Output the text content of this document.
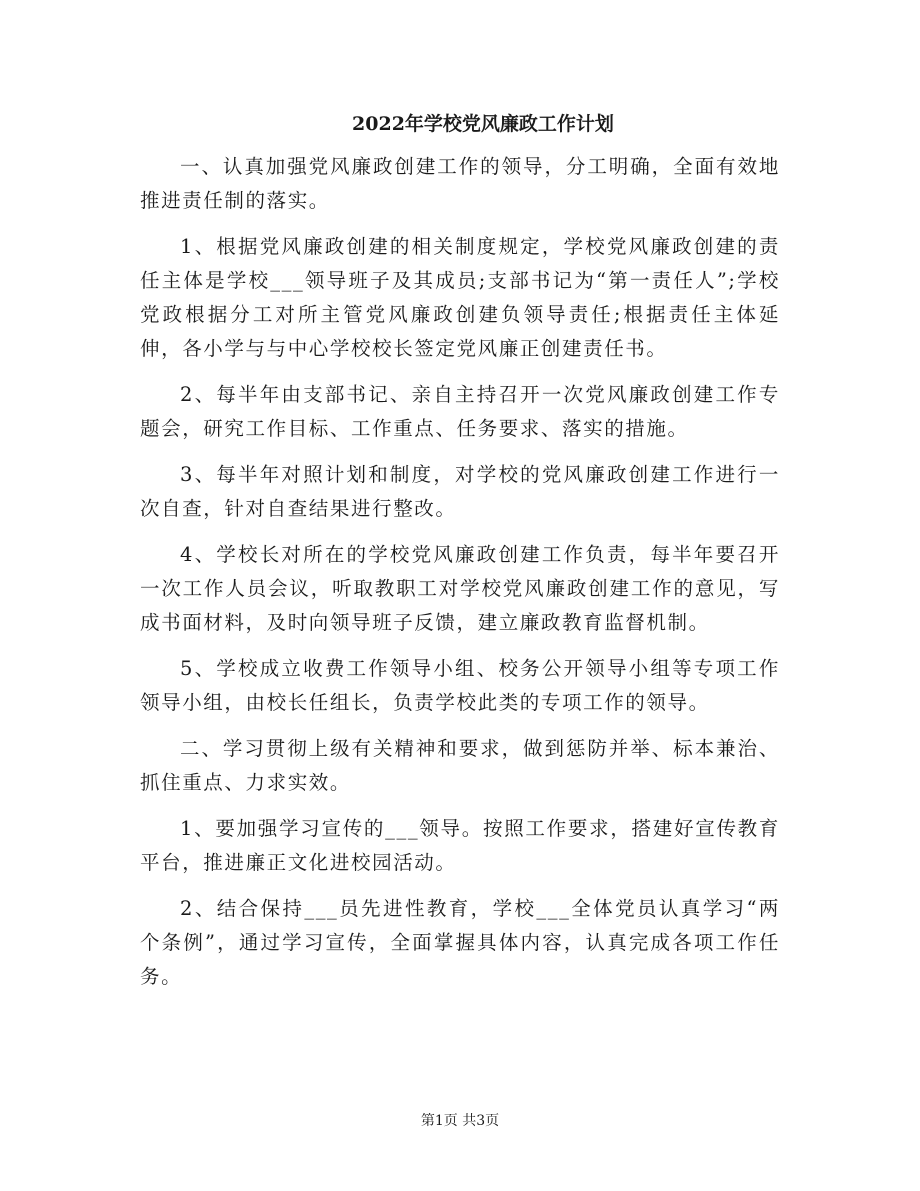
2022年学校党风廉政工作计划

一、认真加强党风廉政创建工作的领导，分工明确，全面有效地推进责任制的落实。

1、根据党风廉政创建的相关制度规定，学校党风廉政创建的责任主体是学校___领导班子及其成员;支部书记为“第一责任人”;学校党政根据分工对所主管党风廉政创建负领导责任;根据责任主体延伸，各小学与与中心学校校长签定党风廉正创建责任书。

2、每半年由支部书记、亲自主持召开一次党风廉政创建工作专题会，研究工作目标、工作重点、任务要求、落实的措施。

3、每半年对照计划和制度，对学校的党风廉政创建工作进行一次自查，针对自查结果进行整改。

4、学校长对所在的学校党风廉政创建工作负责，每半年要召开一次工作人员会议，听取教职工对学校党风廉政创建工作的意见，写成书面材料，及时向领导班子反馈，建立廉政教育监督机制。

5、学校成立收费工作领导小组、校务公开领导小组等专项工作领导小组，由校长任组长，负责学校此类的专项工作的领导。

二、学习贯彻上级有关精神和要求，做到惩防并举、标本兼治、抓住重点、力求实效。

1、要加强学习宣传的___领导。按照工作要求，搭建好宣传教育平台，推进廉正文化进校园活动。

2、结合保持___员先进性教育，学校___全体党员认真学习“两个条例”，通过学习宣传，全面掌握具体内容，认真完成各项工作任务。

第1页 共3页
